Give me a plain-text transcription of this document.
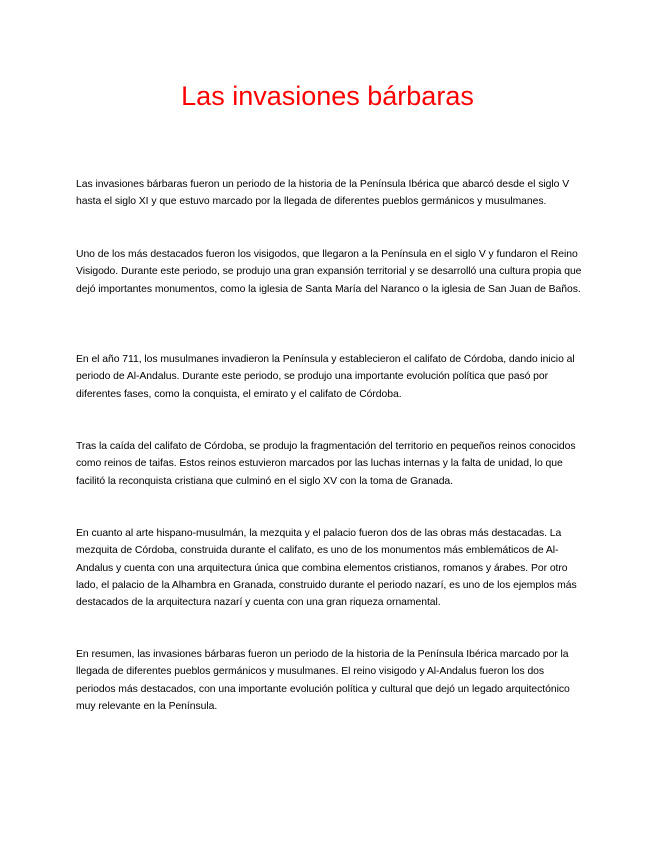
Las invasiones bárbaras

Las invasiones bárbaras fueron un periodo de la historia de la Península Ibérica que abarcó desde el siglo V hasta el siglo XI y que estuvo marcado por la llegada de diferentes pueblos germánicos y musulmanes.

Uno de los más destacados fueron los visigodos, que llegaron a la Península en el siglo V y fundaron el Reino Visigodo. Durante este periodo, se produjo una gran expansión territorial y se desarrolló una cultura propia que dejó importantes monumentos, como la iglesia de Santa María del Naranco o la iglesia de San Juan de Baños.

En el año 711, los musulmanes invadieron la Península y establecieron el califato de Córdoba, dando inicio al periodo de Al-Andalus. Durante este periodo, se produjo una importante evolución política que pasó por diferentes fases, como la conquista, el emirato y el califato de Córdoba.

Tras la caída del califato de Córdoba, se produjo la fragmentación del territorio en pequeños reinos conocidos como reinos de taifas. Estos reinos estuvieron marcados por las luchas internas y la falta de unidad, lo que facilitó la reconquista cristiana que culminó en el siglo XV con la toma de Granada.

En cuanto al arte hispano-musulmán, la mezquita y el palacio fueron dos de las obras más destacadas. La mezquita de Córdoba, construida durante el califato, es uno de los monumentos más emblemáticos de Al-Andalus y cuenta con una arquitectura única que combina elementos cristianos, romanos y árabes. Por otro lado, el palacio de la Alhambra en Granada, construido durante el periodo nazarí, es uno de los ejemplos más destacados de la arquitectura nazarí y cuenta con una gran riqueza ornamental.

En resumen, las invasiones bárbaras fueron un periodo de la historia de la Península Ibérica marcado por la llegada de diferentes pueblos germánicos y musulmanes. El reino visigodo y Al-Andalus fueron los dos periodos más destacados, con una importante evolución política y cultural que dejó un legado arquitectónico muy relevante en la Península.
